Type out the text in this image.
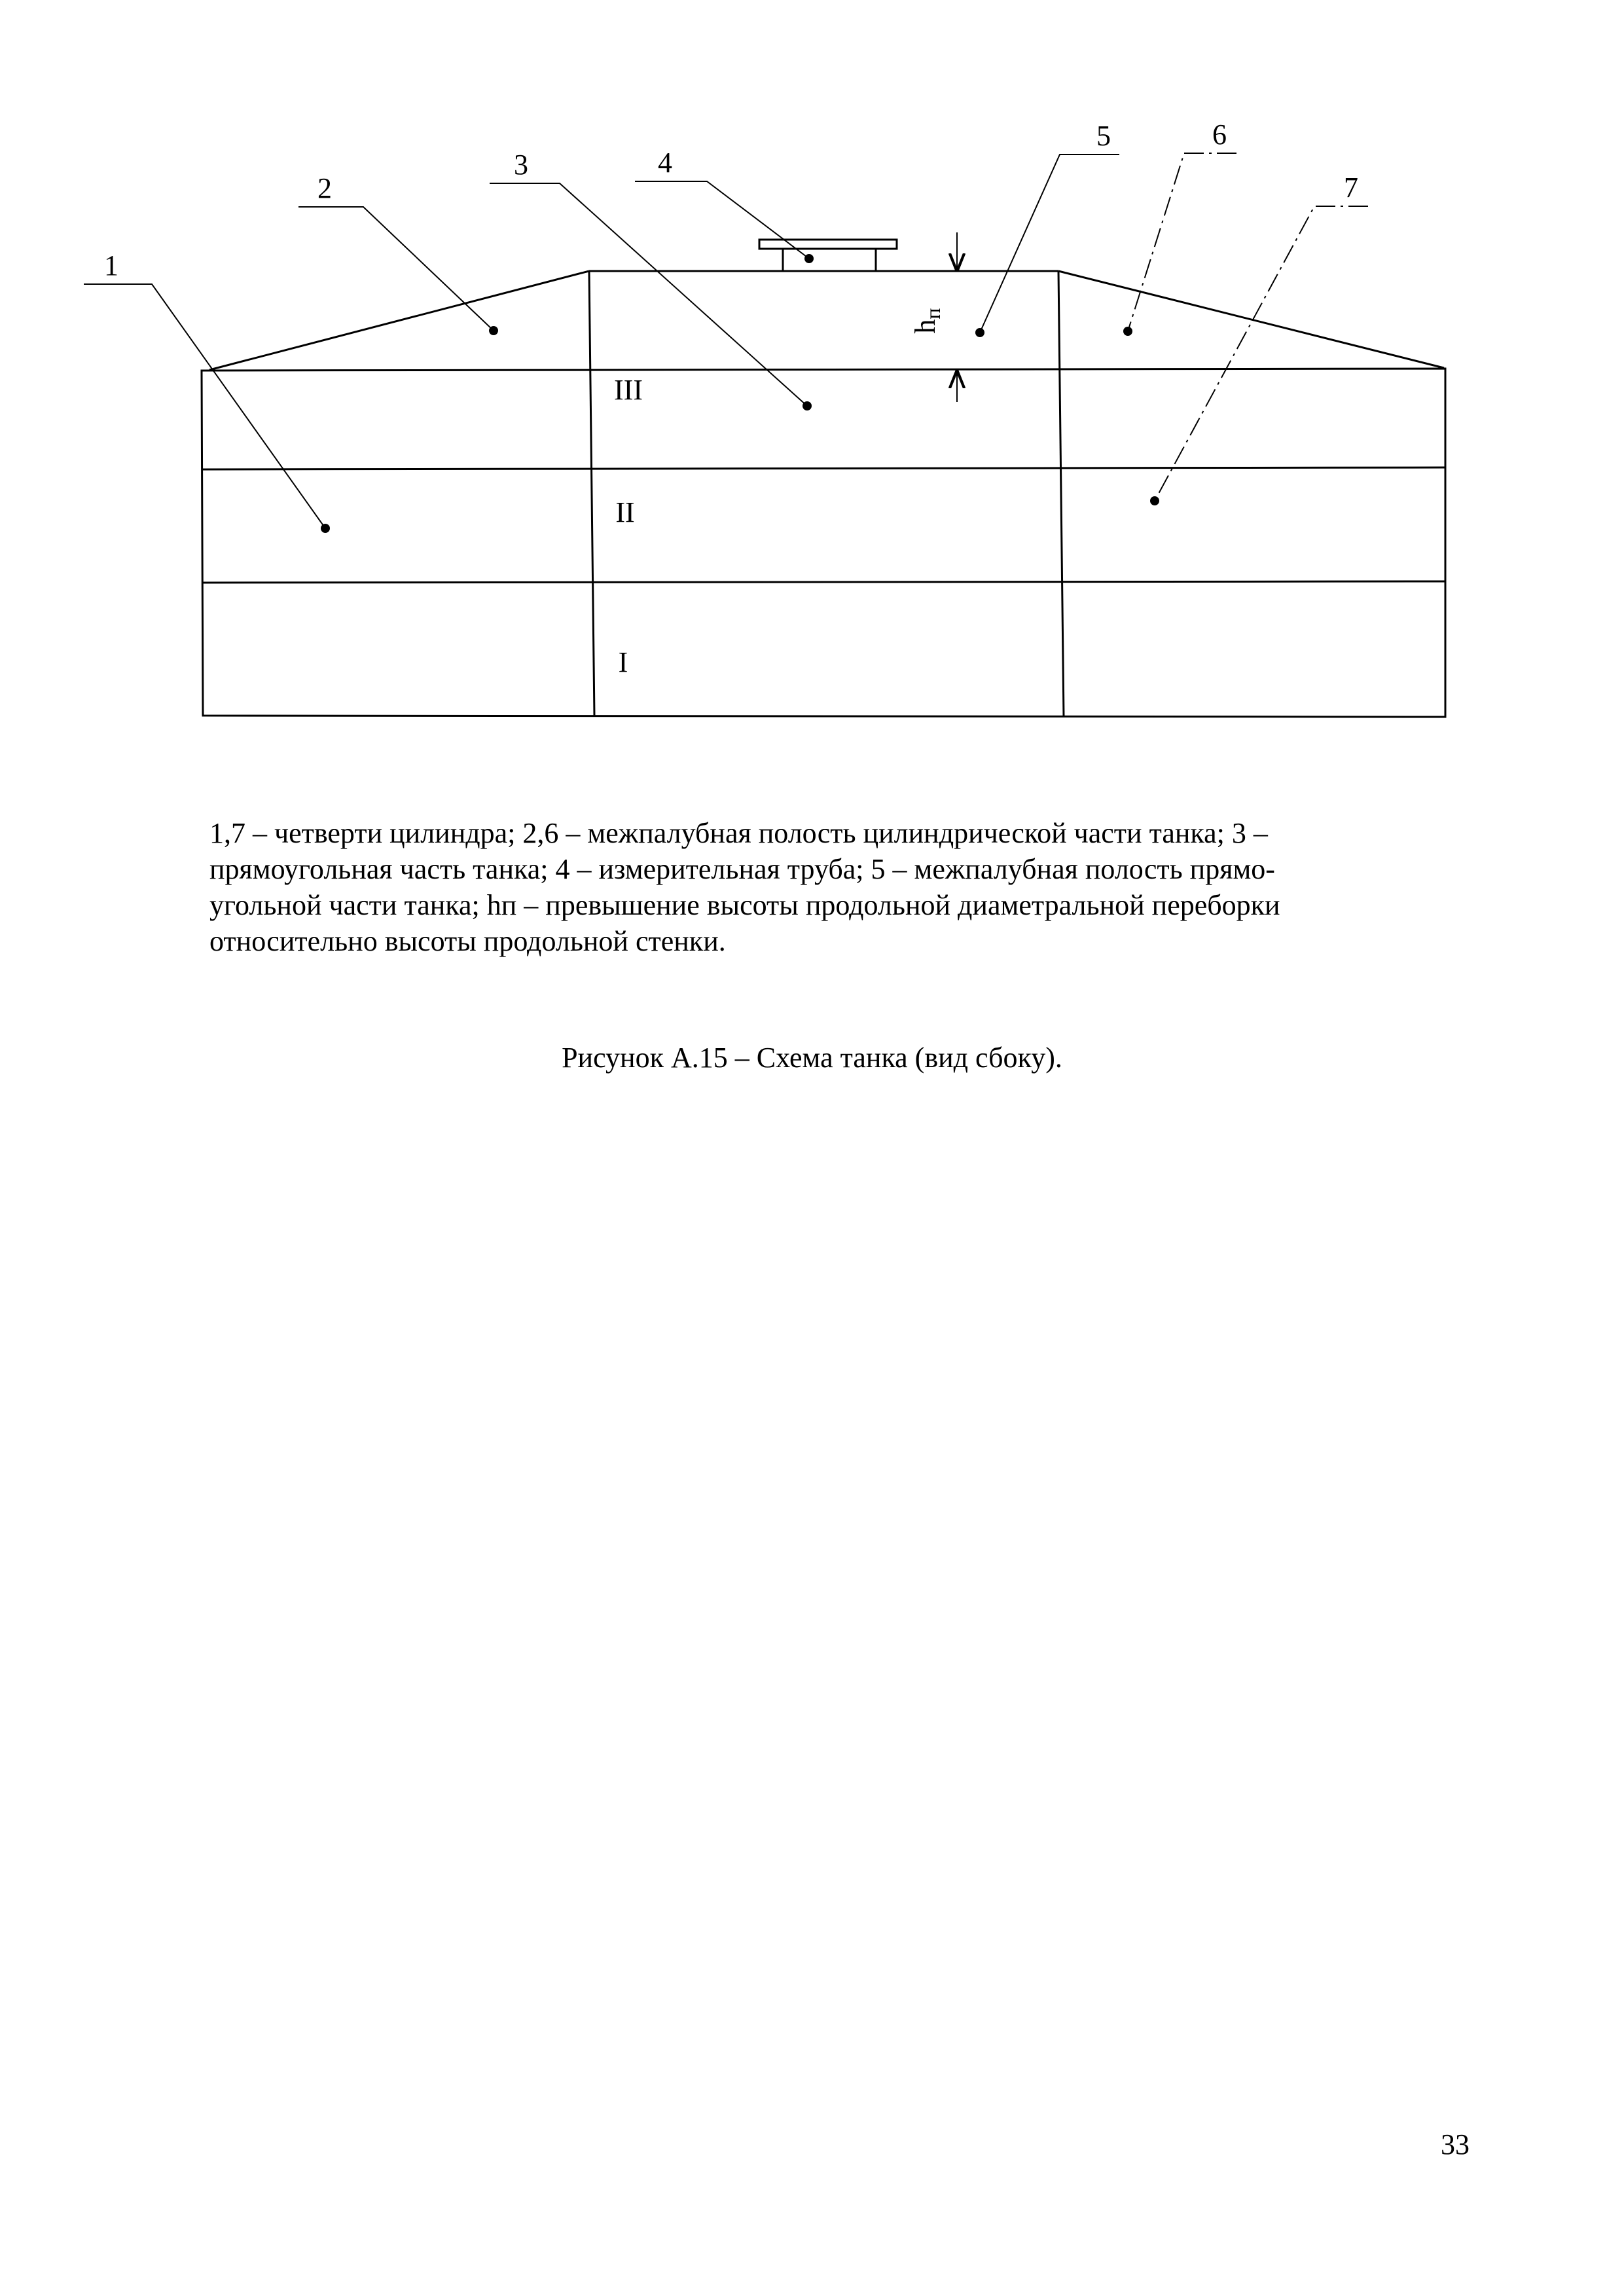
hп
1
2
3	4
5	6
7
III
II
I

1,7 – четверти цилиндра; 2,6 – межпалубная полость цилиндрической части танка; 3 –
прямоугольная часть танка; 4 – измерительная труба; 5 – межпалубная полость прямо-
угольной части танка; hп – превышение высоты продольной диаметральной переборки
относительно высоты продольной стенки.

Рисунок А.15 – Схема танка (вид сбоку).

33
